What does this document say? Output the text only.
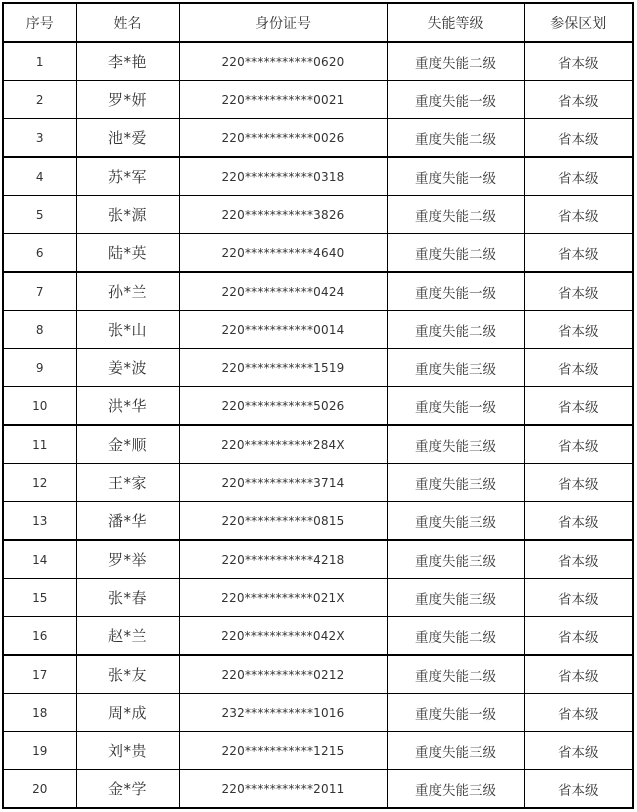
序号	姓名	身份证号	失能等级	参保区划
1	李*艳	220***********0620	重度失能二级	省本级
2	罗*妍	220***********0021	重度失能一级	省本级
3	池*爱	220***********0026	重度失能二级	省本级
4	苏*军	220***********0318	重度失能一级	省本级
5	张*源	220***********3826	重度失能二级	省本级
6	陆*英	220***********4640	重度失能二级	省本级
7	孙*兰	220***********0424	重度失能一级	省本级
8	张*山	220***********0014	重度失能二级	省本级
9	姜*波	220***********1519	重度失能三级	省本级
10	洪*华	220***********5026	重度失能一级	省本级
11	金*顺	220***********284X	重度失能三级	省本级
12	王*家	220***********3714	重度失能三级	省本级
13	潘*华	220***********0815	重度失能三级	省本级
14	罗*举	220***********4218	重度失能三级	省本级
15	张*春	220***********021X	重度失能三级	省本级
16	赵*兰	220***********042X	重度失能二级	省本级
17	张*友	220***********0212	重度失能二级	省本级
18	周*成	232***********1016	重度失能一级	省本级
19	刘*贵	220***********1215	重度失能三级	省本级
20	金*学	220***********2011	重度失能三级	省本级
